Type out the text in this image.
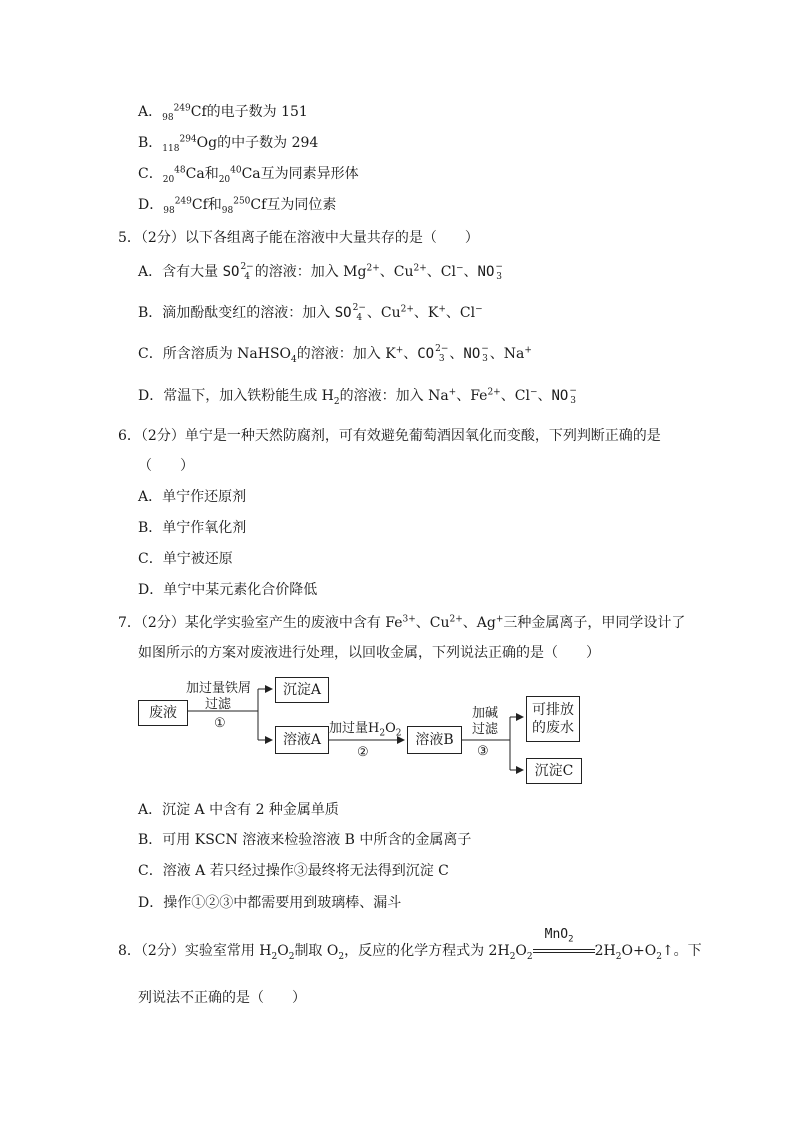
A．$_{98}^{249}$Cf的电子数为 151
B．$_{118}^{294}$Og的中子数为 294
C．$_{20}^{48}$Ca和$_{20}^{40}$Ca互为同素异形体
D．$_{98}^{249}$Cf和$_{98}^{250}$Cf互为同位素
5．（2分）以下各组离子能在溶液中大量共存的是（　　）
A．含有大量 SO 2−
4 的溶液：加入 $Mg^{2+}$、$Cu^{2+}$、Cl−、NO −
3
B．滴加酚酞变红的溶液：加入 SO 2−
4 、$Cu^{2+}$、K+、Cl−
C．所含溶质为 NaHSO$_4$的溶液：加入 K+、CO 2−
3 、NO −
3 、Na+
D．常温下，加入铁粉能生成 $H_2$的溶液：加入 Na+、$Fe^{2+}$、Cl−、NO −
3
6．（2分）单宁是一种天然防腐剂，可有效避免葡萄酒因氧化而变酸，下列判断正确的是
（　　）
A．单宁作还原剂
B．单宁作氧化剂
C．单宁被还原
D．单宁中某元素化合价降低
7．（2分）某化学实验室产生的废液中含有 $Fe^{3+}$、$Cu^{2+}$、Ag+三种金属离子，甲同学设计了
如图所示的方案对废液进行处理，以回收金属，下列说法正确的是（　　）
废液
加过量铁屑
过滤
①
沉淀A
溶液A
加过量$H_2O_2$
②
溶液B
加碱
过滤
③
可排放的废水
沉淀C
A．沉淀 A 中含有 2 种金属单质
B．可用 KSCN 溶液来检验溶液 B 中所含的金属离子
C．溶液 A 若只经过操作③最终将无法得到沉淀 C
D．操作①②③中都需要用到玻璃棒、漏斗
8．（2分）实验室常用 $H_2O_2$制取 $O_2$，反应的化学方程式为 $2H_2O_2$
MnO$_2$
$2H_2O+O_2↑$。下
列说法不正确的是（　　）
